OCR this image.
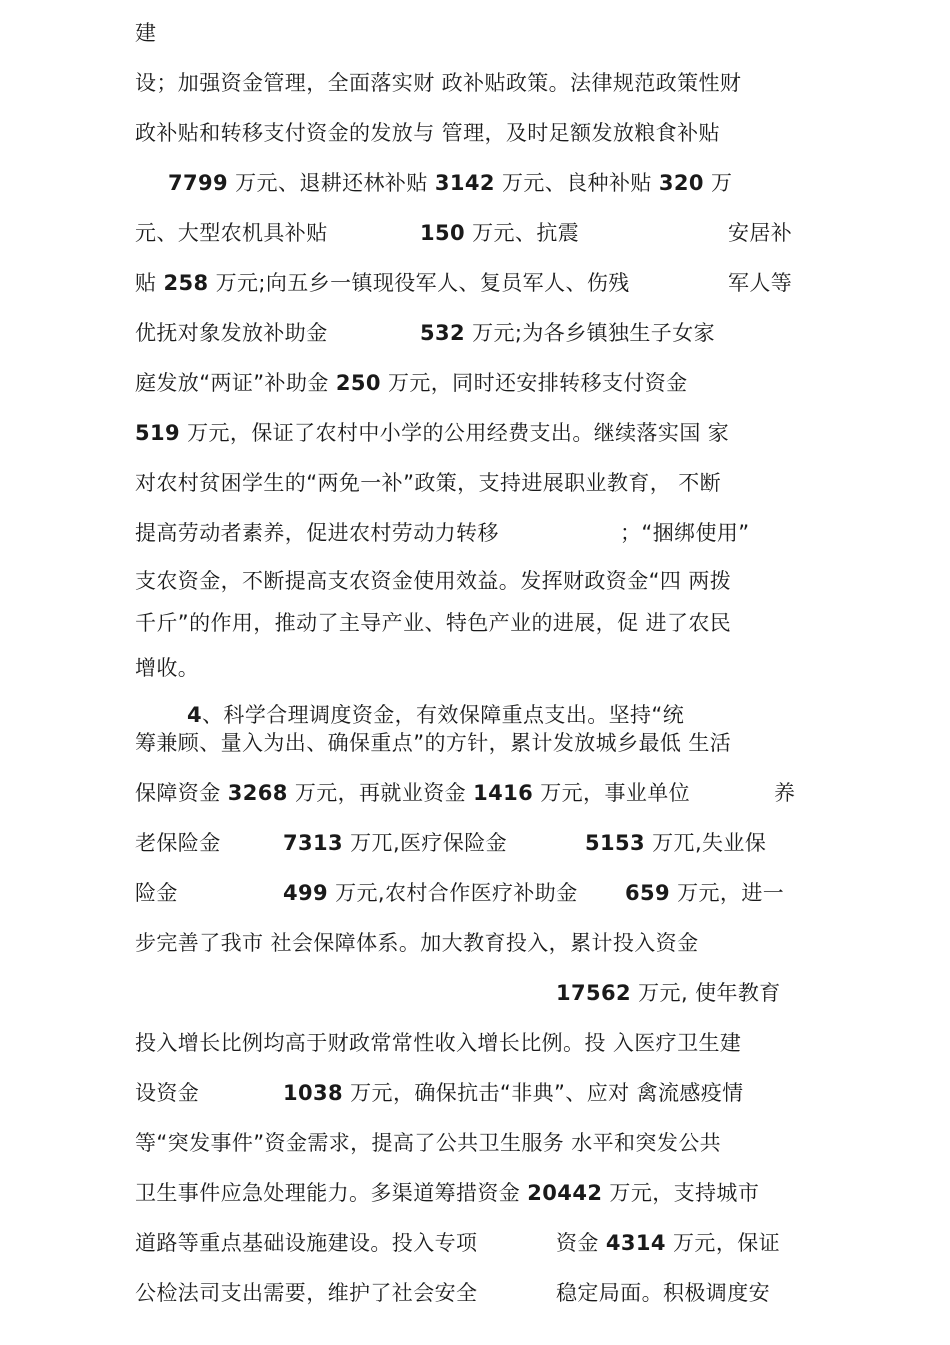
建
设；加强资金管理，全面落实财 政补贴政策。法律规范政策性财
政补贴和转移支付资金的发放与 管理，及时足额发放粮食补贴
7799 万元、退耕还林补贴 3142 万元、良种补贴 320 万
元、大型农机具补贴	150 万元、抗震	安居补
贴 258 万元;向五乡一镇现役军人、复员军人、伤残	军人等
优抚对象发放补助金	532 万元;为各乡镇独生子女家
庭发放“两证”补助金 250 万元，同时还安排转移支付资金
519 万元，保证了农村中小学的公用经费支出。继续落实国 家
对农村贫困学生的“两免一补”政策，支持进展职业教育， 不断
提高劳动者素养，促进农村劳动力转移	；“捆绑使用”
支农资金，不断提高支农资金使用效益。发挥财政资金“四 两拨
千斤”的作用，推动了主导产业、特色产业的进展，促 进了农民
增收。
4、科学合理调度资金，有效保障重点支出。坚持“统
筹兼顾、量入为出、确保重点”的方针，累计发放城乡最低 生活
保障资金 3268 万元，再就业资金 1416 万元，事业单位	养
老保险金	7313 万兀,医疗保险金	5153 万兀,失业保
险金	499 万元,农村合作医疗补助金 659 万元，进一
步完善了我市 社会保障体系。加大教育投入，累计投入资金
17562 万元, 使年教育
投入增长比例均高于财政常常性收入增长比例。投 入医疗卫生建
设资金	1038 万元，确保抗击“非典”、应对 禽流感疫情
等“突发事件”资金需求，提高了公共卫生服务 水平和突发公共
卫生事件应急处理能力。多渠道筹措资金 20442 万元，支持城市
道路等重点基础设施建设。投入专项	资金 4314 万元，保证
公检法司支出需要，维护了社会安全	稳定局面。积极调度安
